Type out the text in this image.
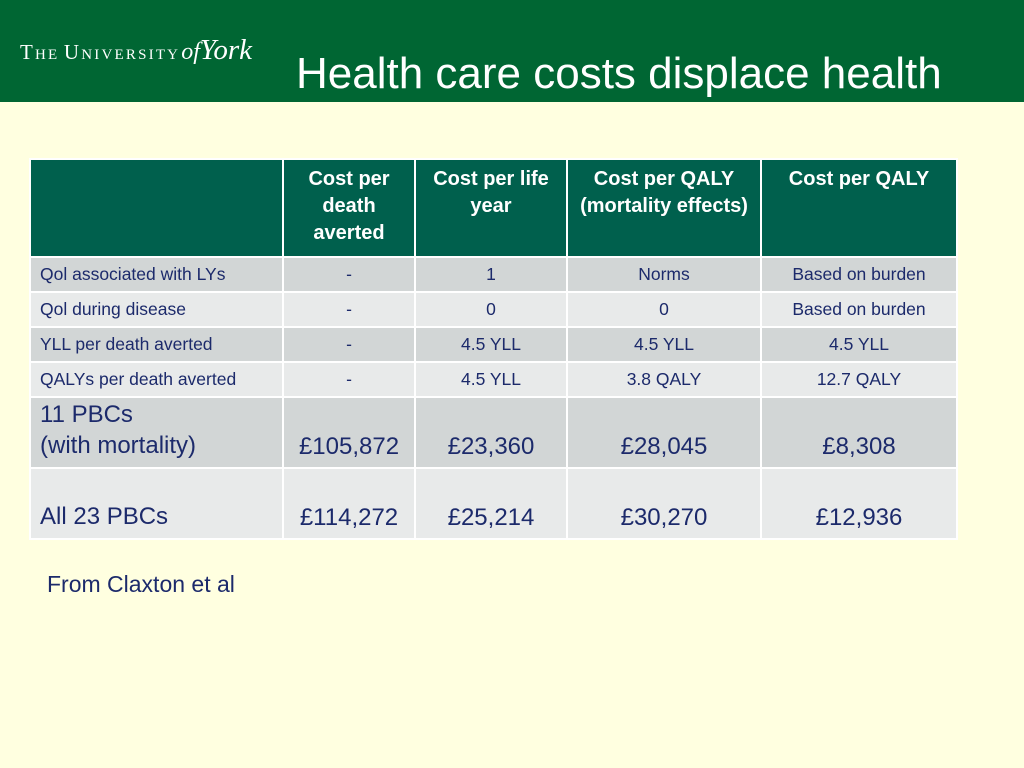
The UniversityofYork Health care costs displace health
	Cost per death averted	Cost per life year	Cost per QALY (mortality effects)	Cost per QALY
Qol associated with LYs	-	1	Norms	Based on burden
Qol during disease	-	0	0	Based on burden
YLL per death averted	-	4.5 YLL	4.5 YLL	4.5 YLL
QALYs per death averted	-	4.5 YLL	3.8 QALY	12.7 QALY
11 PBCs
(with mortality)	£105,872	£23,360	£28,045	£8,308
All 23 PBCs	£114,272	£25,214	£30,270	£12,936
From Claxton et al
